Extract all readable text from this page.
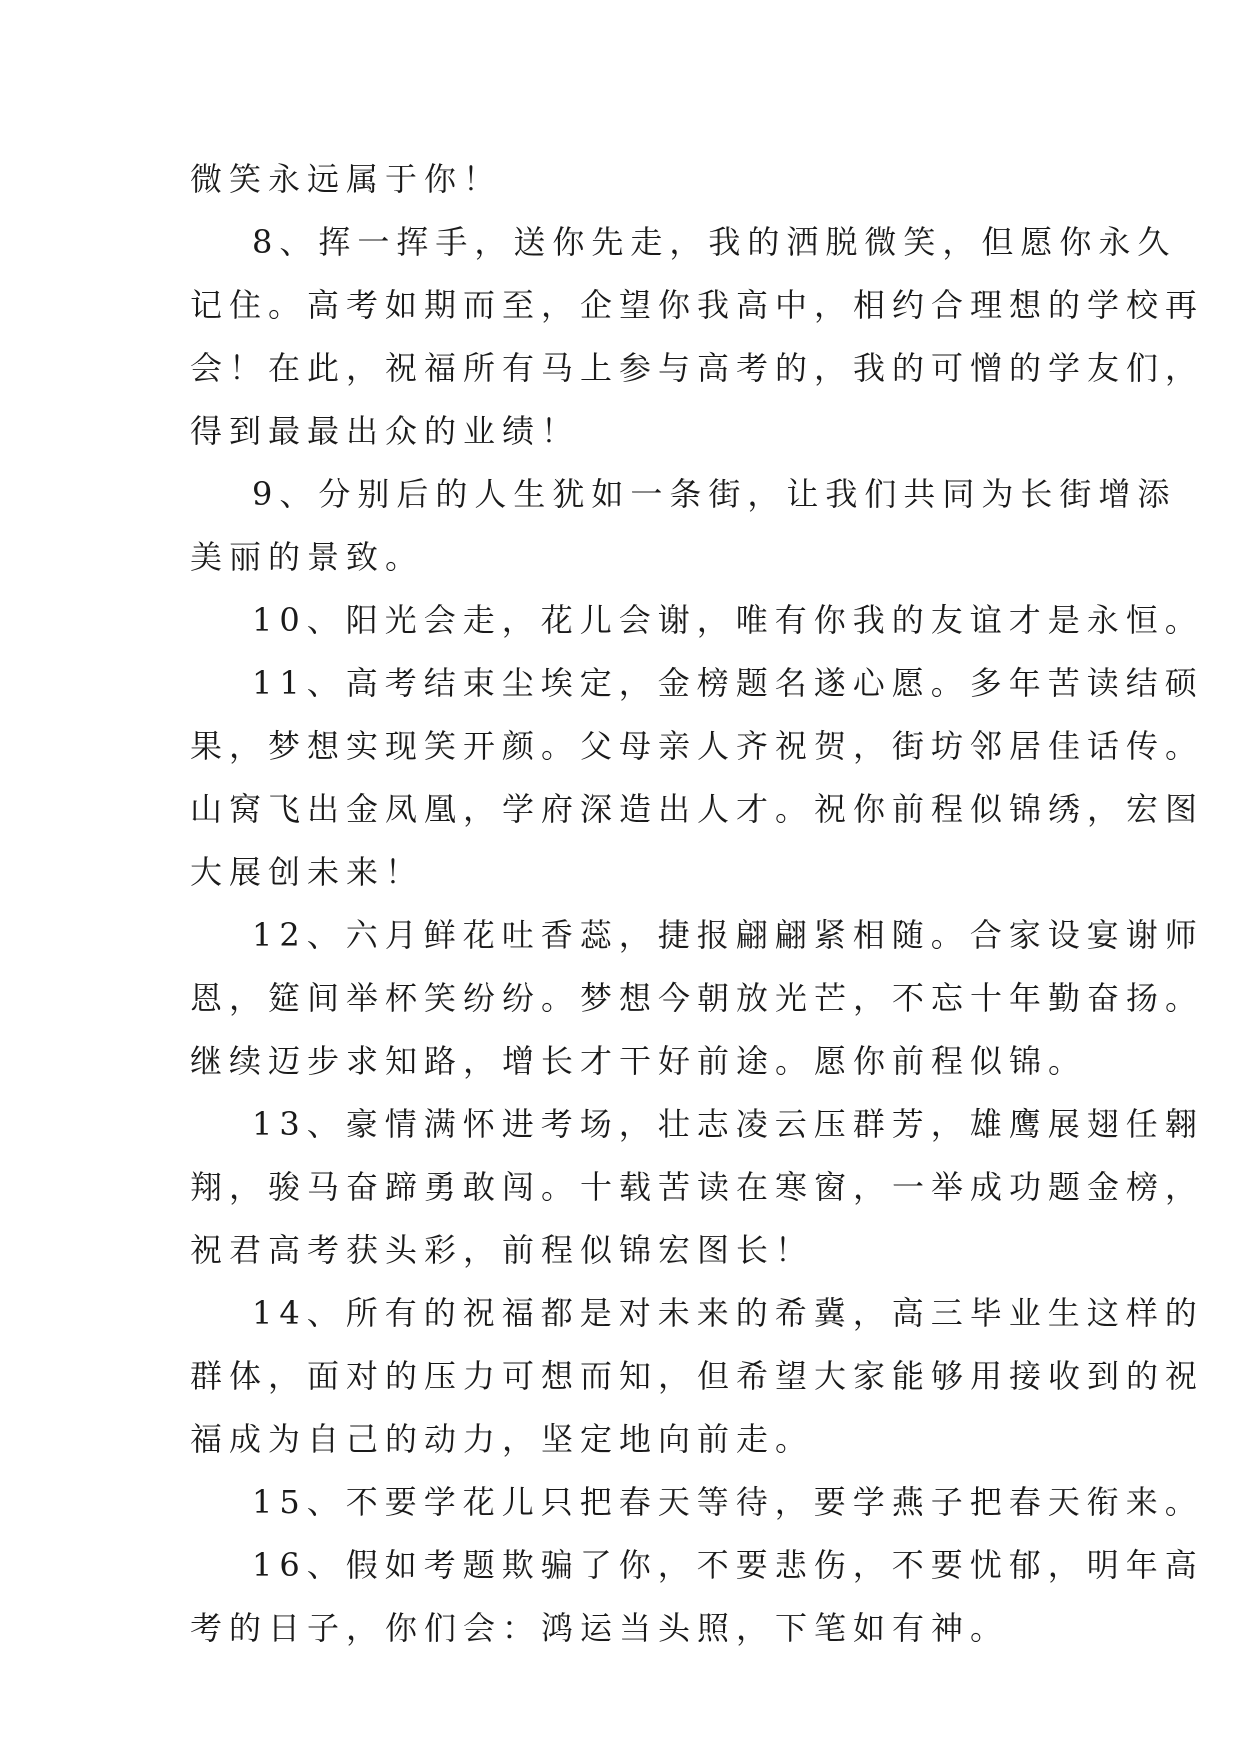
微笑永远属于你！

8、挥一挥手，送你先走，我的洒脱微笑，但愿你永久
记住。高考如期而至，企望你我高中，相约合理想的学校再
会！在此，祝福所有马上参与高考的，我的可憎的学友们，
得到最最出众的业绩！

9、分别后的人生犹如一条街，让我们共同为长街增添
美丽的景致。

10、阳光会走，花儿会谢，唯有你我的友谊才是永恒。

11、高考结束尘埃定，金榜题名遂心愿。多年苦读结硕
果，梦想实现笑开颜。父母亲人齐祝贺，街坊邻居佳话传。
山窝飞出金凤凰，学府深造出人才。祝你前程似锦绣，宏图
大展创未来！

12、六月鲜花吐香蕊，捷报翩翩紧相随。合家设宴谢师
恩，筵间举杯笑纷纷。梦想今朝放光芒，不忘十年勤奋扬。
继续迈步求知路，增长才干好前途。愿你前程似锦。

13、豪情满怀进考场，壮志凌云压群芳，雄鹰展翅任翱
翔，骏马奋蹄勇敢闯。十载苦读在寒窗，一举成功题金榜，
祝君高考获头彩，前程似锦宏图长！

14、所有的祝福都是对未来的希冀，高三毕业生这样的
群体，面对的压力可想而知，但希望大家能够用接收到的祝
福成为自己的动力，坚定地向前走。

15、不要学花儿只把春天等待，要学燕子把春天衔来。

16、假如考题欺骗了你，不要悲伤，不要忧郁，明年高
考的日子，你们会：鸿运当头照，下笔如有神。
